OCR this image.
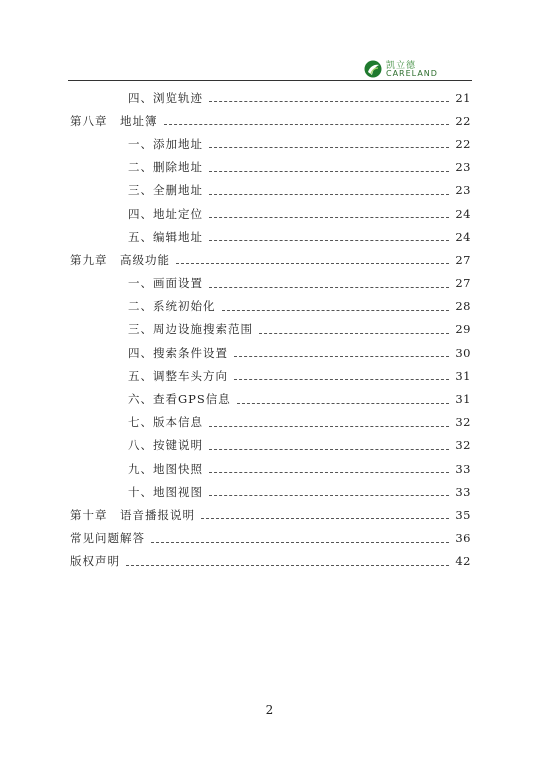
凯立德
CARELAND
四、浏览轨迹	21
第八章　地址簿	22
一、添加地址	22
二、删除地址	23
三、全删地址	23
四、地址定位	24
五、编辑地址	24
第九章　高级功能	27
一、画面设置	27
二、系统初始化	28
三、周边设施搜索范围	29
四、搜索条件设置	30
五、调整车头方向	31
六、查看GPS信息	31
七、版本信息	32
八、按键说明	32
九、地图快照	33
十、地图视图	33
第十章　语音播报说明	35
常见问题解答	36
版权声明	42
2
